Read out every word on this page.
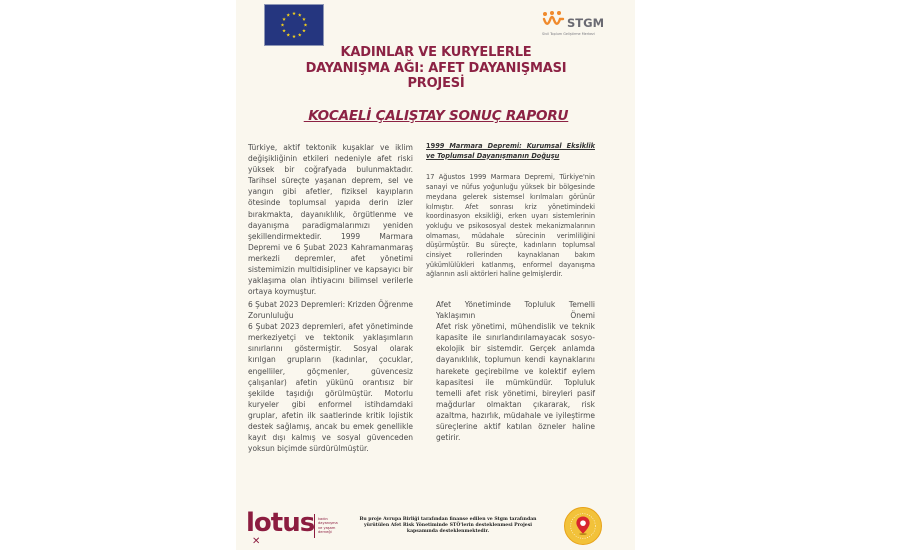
STGM
Sivil Toplum Geliştirme Merkezi
KADINLAR VE KURYELERLE
DAYANIŞMA AĞI: AFET DAYANIŞMASI
PROJESİ
KOCAELİ ÇALIŞTAY SONUÇ RAPORU
Türkiye, aktif tektonik kuşaklar ve iklim değişikliğinin etkileri nedeniyle afet riski yüksek bir coğrafyada bulunmaktadır. Tarihsel süreçte yaşanan deprem, sel ve yangın gibi afetler, fiziksel kayıpların ötesinde toplumsal yapıda derin izler bırakmakta, dayanıklılık, örgütlenme ve dayanışma paradigmalarımızı yeniden şekillendirmektedir. 1999 Marmara Depremi ve 6 Şubat 2023 Kahramanmaraş merkezli depremler, afet yönetimi sistemimizin multidisipliner ve kapsayıcı bir yaklaşıma olan ihtiyacını bilimsel verilerle ortaya koymuştur.
1999 Marmara Depremi: Kurumsal Eksiklik ve Toplumsal Dayanışmanın Doğuşu
17 Ağustos 1999 Marmara Depremi, Türkiye'nin sanayi ve nüfus yoğunluğu yüksek bir bölgesinde meydana gelerek sistemsel kırılmaları görünür kılmıştır. Afet sonrası kriz yönetimindeki koordinasyon eksikliği, erken uyarı sistemlerinin yokluğu ve psikososyal destek mekanizmalarının olmaması, müdahale sürecinin verimliliğini düşürmüştür. Bu süreçte, kadınların toplumsal cinsiyet rollerinden kaynaklanan bakım yükümlülükleri katlanmış, enformel dayanışma ağlarının asli aktörleri haline gelmişlerdir.
6 Şubat 2023 Depremleri: Krizden Öğrenme Zorunluluğu
6 Şubat 2023 depremleri, afet yönetiminde merkeziyetçi ve tektonik yaklaşımların sınırlarını göstermiştir. Sosyal olarak kırılgan grupların (kadınlar, çocuklar, engelliler, göçmenler, güvencesiz çalışanlar) afetin yükünü orantısız bir şekilde taşıdığı görülmüştür. Motorlu kuryeler gibi enformel istihdamdaki gruplar, afetin ilk saatlerinde kritik lojistik destek sağlamış, ancak bu emek genellikle kayıt dışı kalmış ve sosyal güvenceden yoksun biçimde sürdürülmüştür.
Afet Yönetiminde Topluluk Temelli Yaklaşımın Önemi
Afet risk yönetimi, mühendislik ve teknik kapasite ile sınırlandırılamayacak sosyo-ekolojik bir sistemdir. Gerçek anlamda dayanıklılık, toplumun kendi kaynaklarını harekete geçirebilme ve kolektif eylem kapasitesi ile mümkündür. Topluluk temelli afet risk yönetimi, bireyleri pasif mağdurlar olmaktan çıkararak, risk azaltma, hazırlık, müdahale ve iyileştirme süreçlerine aktif katılan özneler haline getirir.
lotus
✕
kadın
dayanışma
ve yaşam
derneği
Bu proje Avrupa Birliği tarafından finanse edilen ve Stgm tarafından yürütülen Afet Risk Yönetiminde STÖ'lerin desteklenmesi Projesi kapsamında desteklenmektedir.
